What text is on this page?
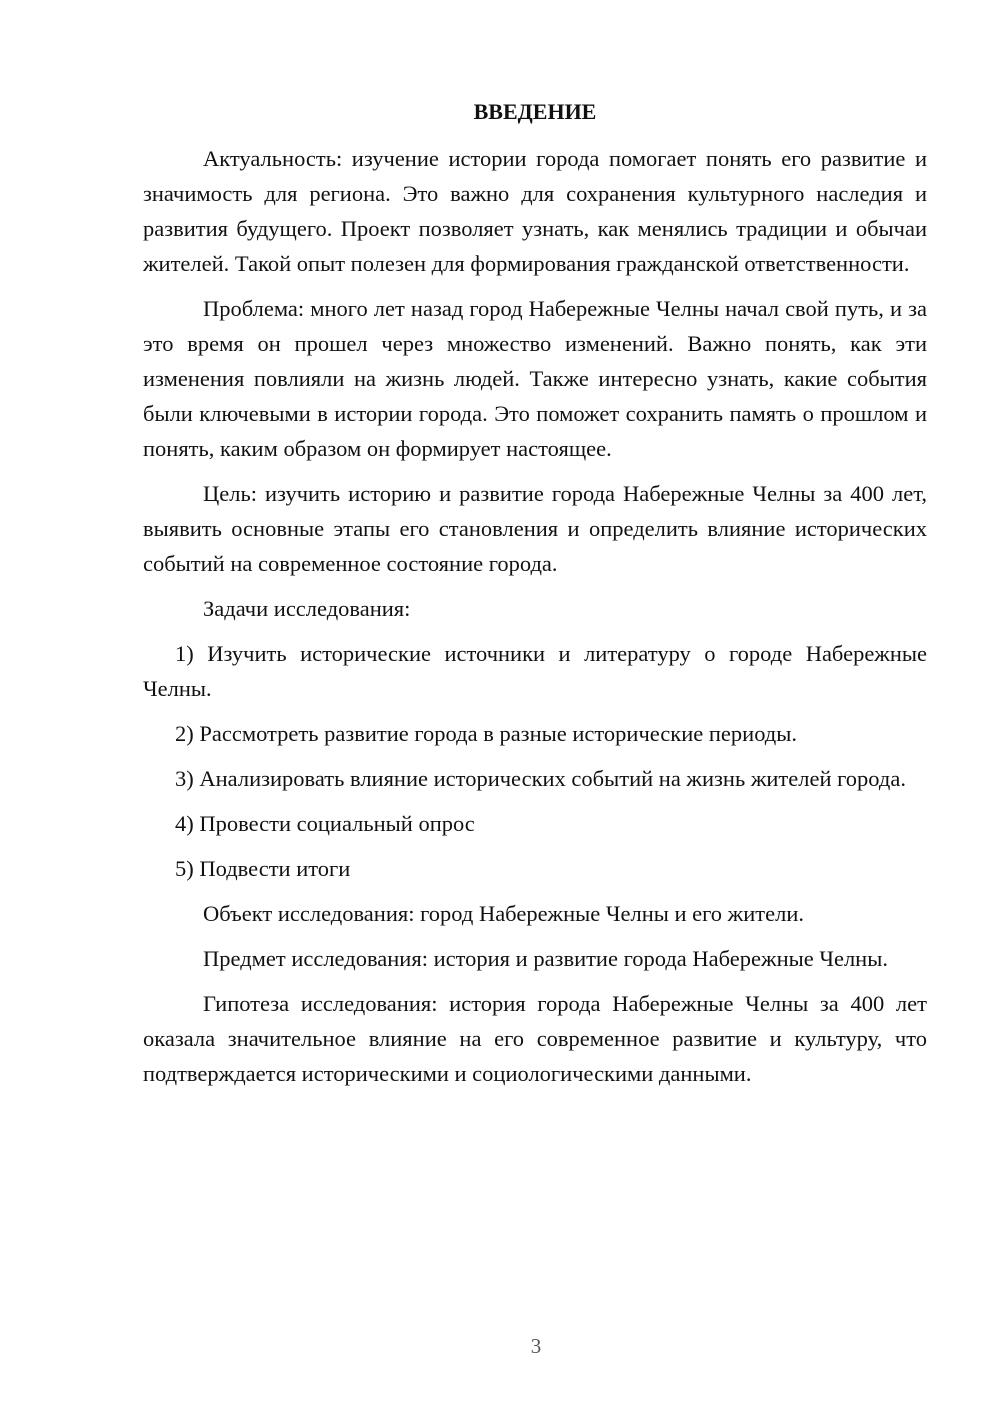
ВВЕДЕНИЕ

Актуальность: изучение истории города помогает понять его развитие и значимость для региона. Это важно для сохранения культурного наследия и развития будущего. Проект позволяет узнать, как менялись традиции и обычаи жителей. Такой опыт полезен для формирования гражданской ответственности.

Проблема: много лет назад город Набережные Челны начал свой путь, и за это время он прошел через множество изменений. Важно понять, как эти изменения повлияли на жизнь людей. Также интересно узнать, какие события были ключевыми в истории города. Это поможет сохранить память о прошлом и понять, каким образом он формирует настоящее.

Цель: изучить историю и развитие города Набережные Челны за 400 лет, выявить основные этапы его становления и определить влияние исторических событий на современное состояние города.

Задачи исследования:

1) Изучить исторические источники и литературу о городе Набережные Челны.

2) Рассмотреть развитие города в разные исторические периоды.

3) Анализировать влияние исторических событий на жизнь жителей города.

4) Провести социальный опрос

5) Подвести итоги

Объект исследования: город Набережные Челны и его жители.

Предмет исследования: история и развитие города Набережные Челны.

Гипотеза исследования: история города Набережные Челны за 400 лет оказала значительное влияние на его современное развитие и культуру, что подтверждается историческими и социологическими данными.

3
